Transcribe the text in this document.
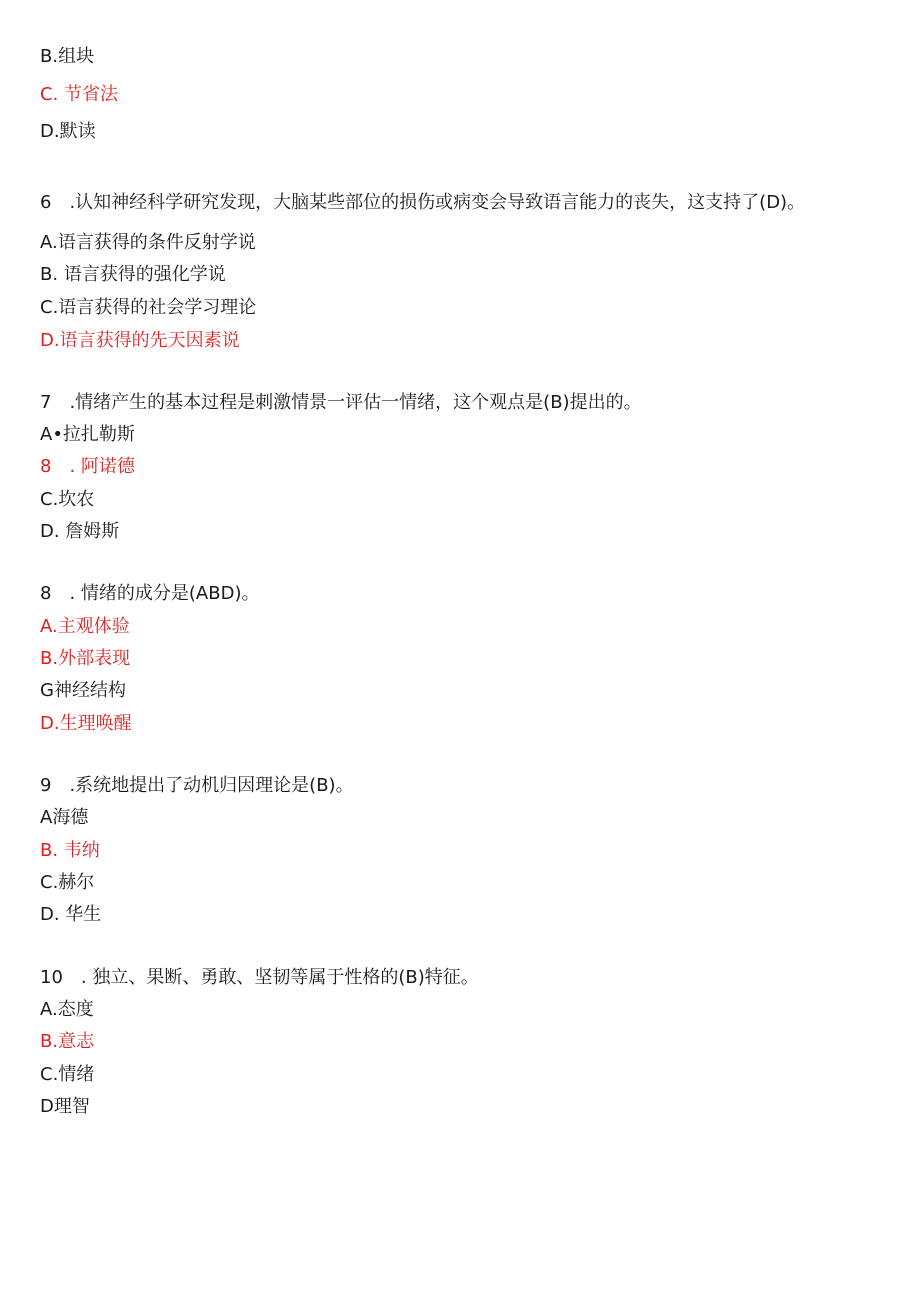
B.组块
C. 节省法
D.默读
6　.认知神经科学研究发现，大脑某些部位的损伤或病变会导致语言能力的丧失，这支持了(D)。
A.语言获得的条件反射学说
B. 语言获得的强化学说
C.语言获得的社会学习理论
D.语言获得的先天因素说
7　.情绪产生的基本过程是刺激情景一评估一情绪，这个观点是(B)提出的。
A•拉扎勒斯
8　. 阿诺德
C.坎农
D. 詹姆斯
8　. 情绪的成分是(ABD)。
A.主观体验
B.外部表现
G神经结构
D.生理唤醒
9　.系统地提出了动机归因理论是(B)。
A海德
B. 韦纳
C.赫尔
D. 华生
10　. 独立、果断、勇敢、坚韧等属于性格的(B)特征。
A.态度
B.意志
C.情绪
D理智
